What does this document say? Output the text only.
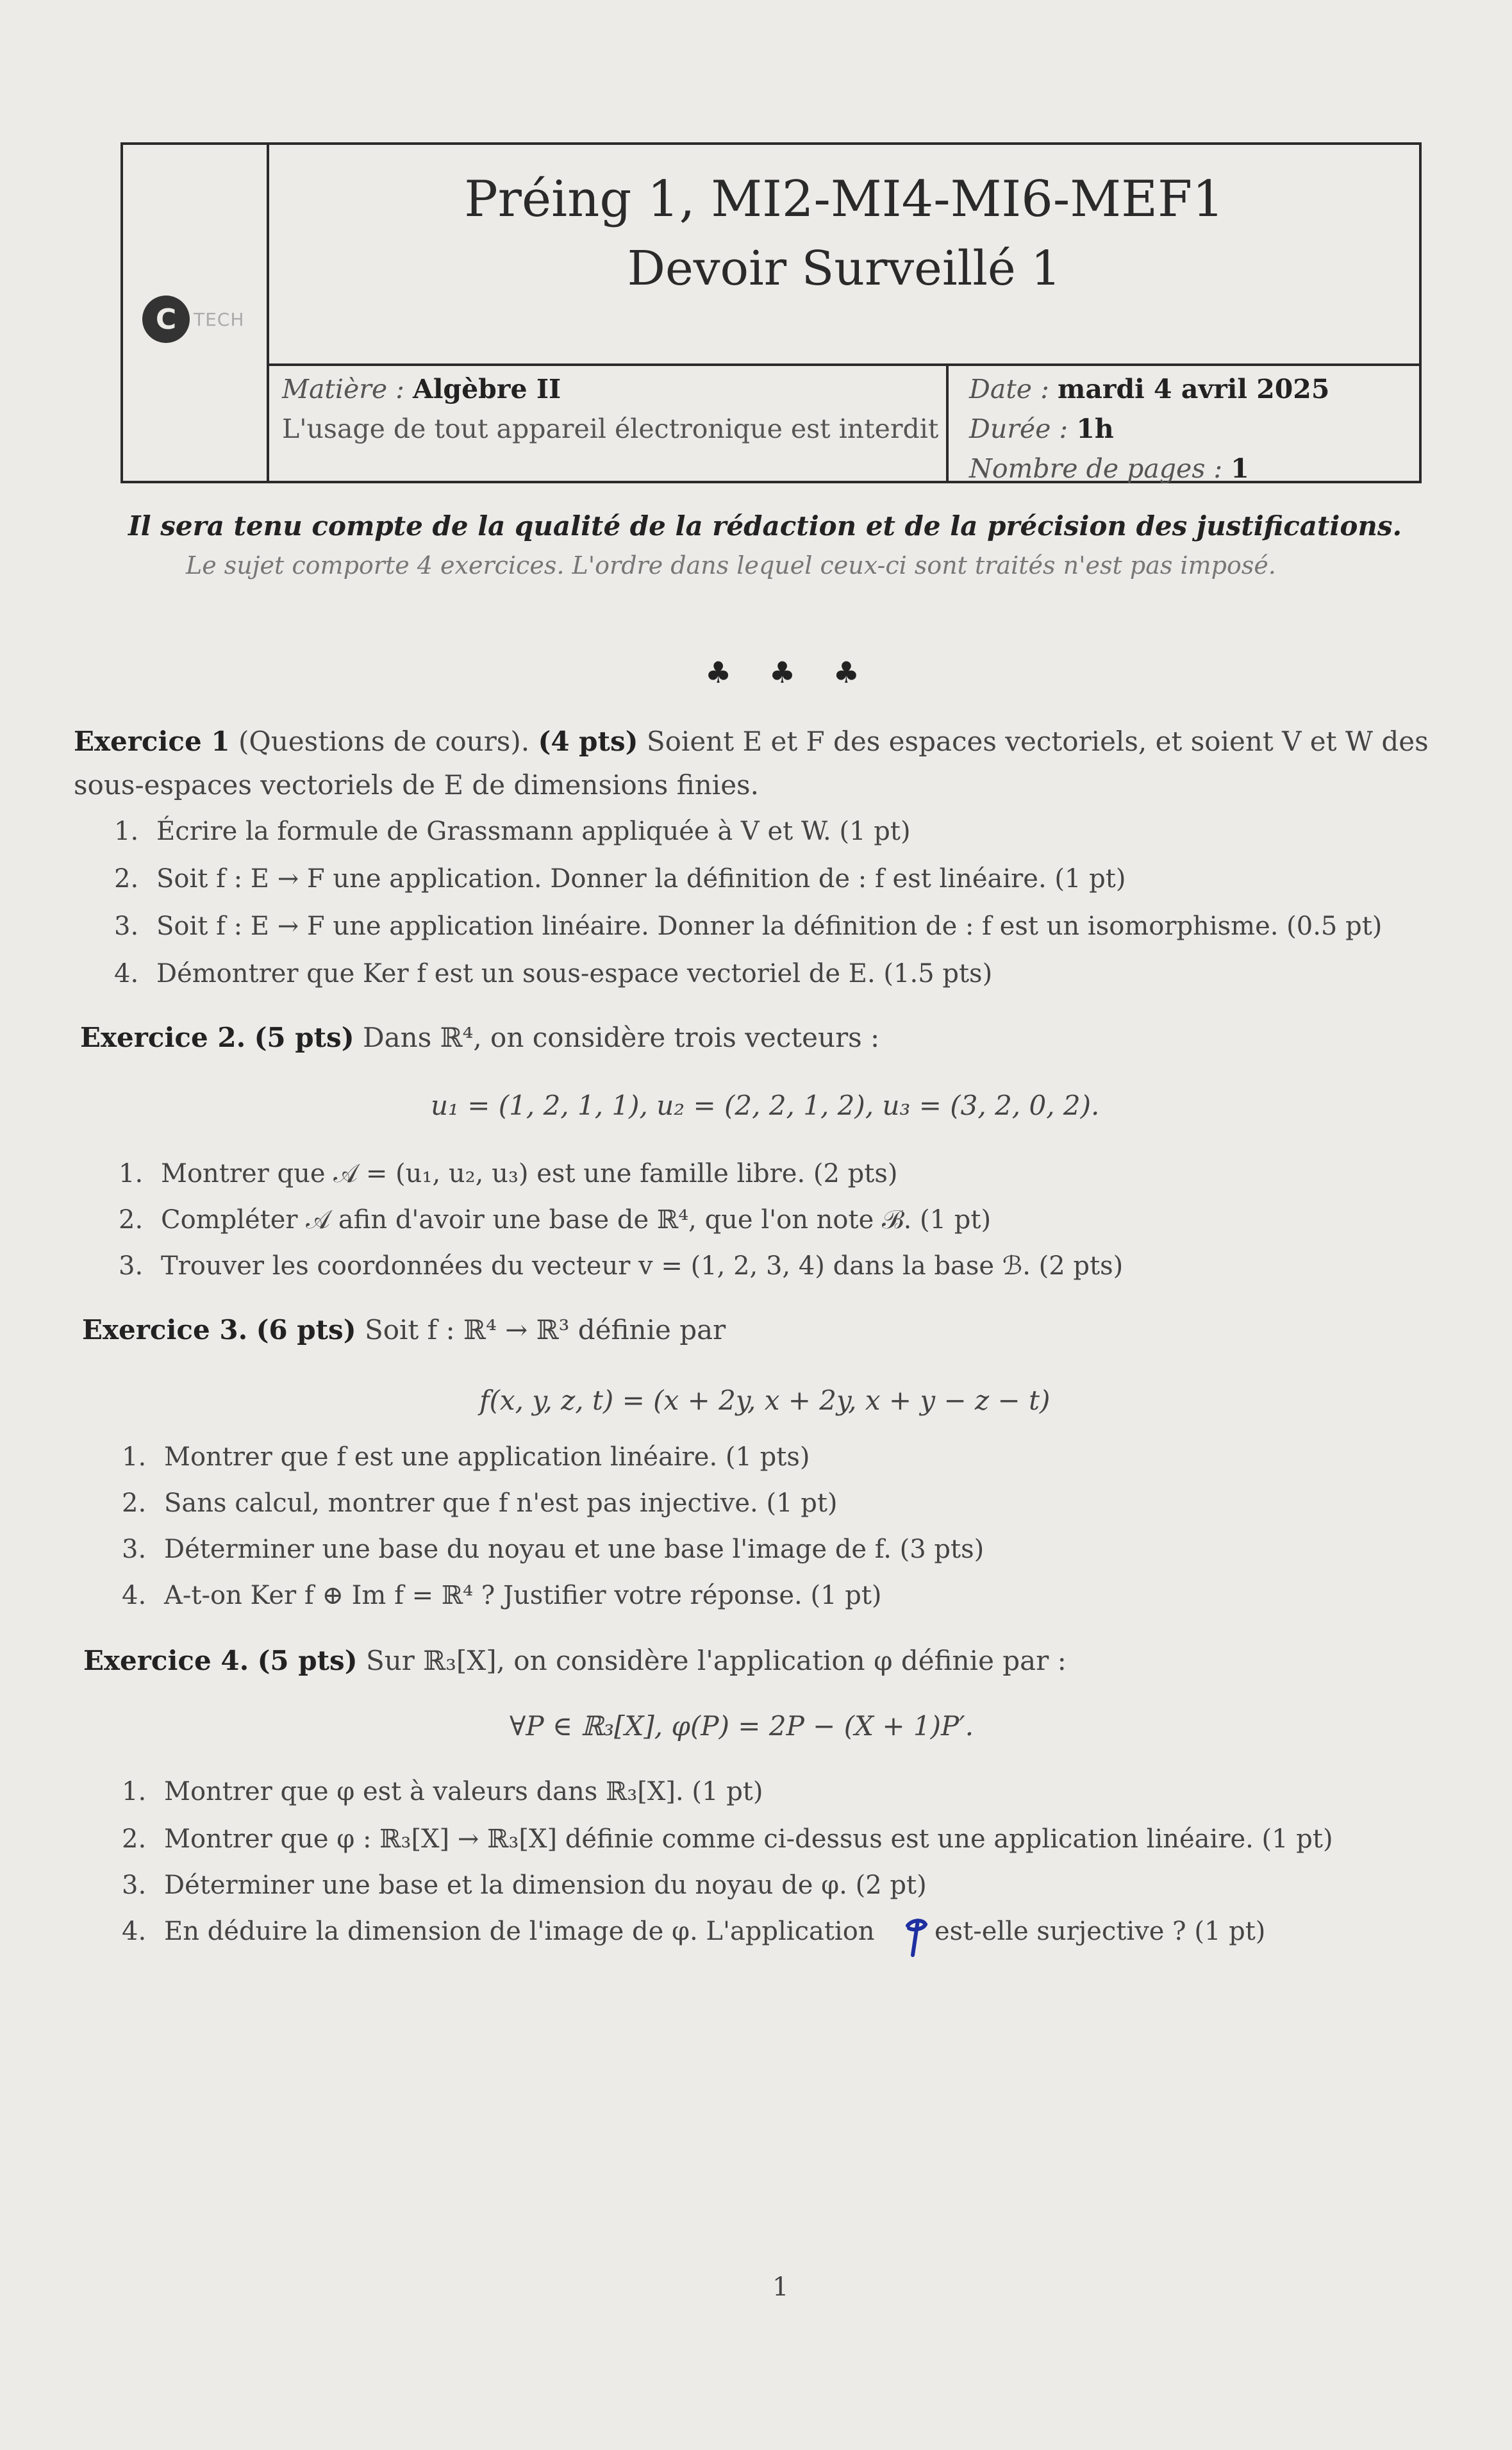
C TECH
Préing 1, MI2-MI4-MI6-MEF1
Devoir Surveillé 1
Matière : Algèbre II
L'usage de tout appareil électronique est interdit
Date : mardi 4 avril 2025
Durée : 1h
Nombre de pages : 1
Il sera tenu compte de la qualité de la rédaction et de la précision des justifications.
Le sujet comporte 4 exercices. L'ordre dans lequel ceux-ci sont traités n'est pas imposé.
♣ ♣ ♣
Exercice 1 (Questions de cours). (4 pts) Soient E et F des espaces vectoriels, et soient V et W des
sous-espaces vectoriels de E de dimensions finies.
1. Écrire la formule de Grassmann appliquée à V et W. (1 pt)
2. Soit f : E → F une application. Donner la définition de : f est linéaire. (1 pt)
3. Soit f : E → F une application linéaire. Donner la définition de : f est un isomorphisme. (0.5 pt)
4. Démontrer que Ker f est un sous-espace vectoriel de E. (1.5 pts)
Exercice 2. (5 pts) Dans ℝ⁴, on considère trois vecteurs :
u₁ = (1, 2, 1, 1), u₂ = (2, 2, 1, 2), u₃ = (3, 2, 0, 2).
1. Montrer que 𝒜 = (u₁, u₂, u₃) est une famille libre. (2 pts)
2. Compléter 𝒜 afin d'avoir une base de ℝ⁴, que l'on note ℬ. (1 pt)
3. Trouver les coordonnées du vecteur v = (1, 2, 3, 4) dans la base ℬ. (2 pts)
Exercice 3. (6 pts) Soit f : ℝ⁴ → ℝ³ définie par
f(x, y, z, t) = (x + 2y, x + 2y, x + y − z − t)
1. Montrer que f est une application linéaire. (1 pts)
2. Sans calcul, montrer que f n'est pas injective. (1 pt)
3. Déterminer une base du noyau et une base l'image de f. (3 pts)
4. A-t-on Ker f ⊕ Im f = ℝ⁴ ? Justifier votre réponse. (1 pt)
Exercice 4. (5 pts) Sur ℝ₃[X], on considère l'application φ définie par :
∀P ∈ ℝ₃[X], φ(P) = 2P − (X + 1)P′.
1. Montrer que φ est à valeurs dans ℝ₃[X]. (1 pt)
2. Montrer que φ : ℝ₃[X] → ℝ₃[X] définie comme ci-dessus est une application linéaire. (1 pt)
3. Déterminer une base et la dimension du noyau de φ. (2 pt)
4. En déduire la dimension de l'image de φ. L'application est-elle surjective ? (1 pt)
1
